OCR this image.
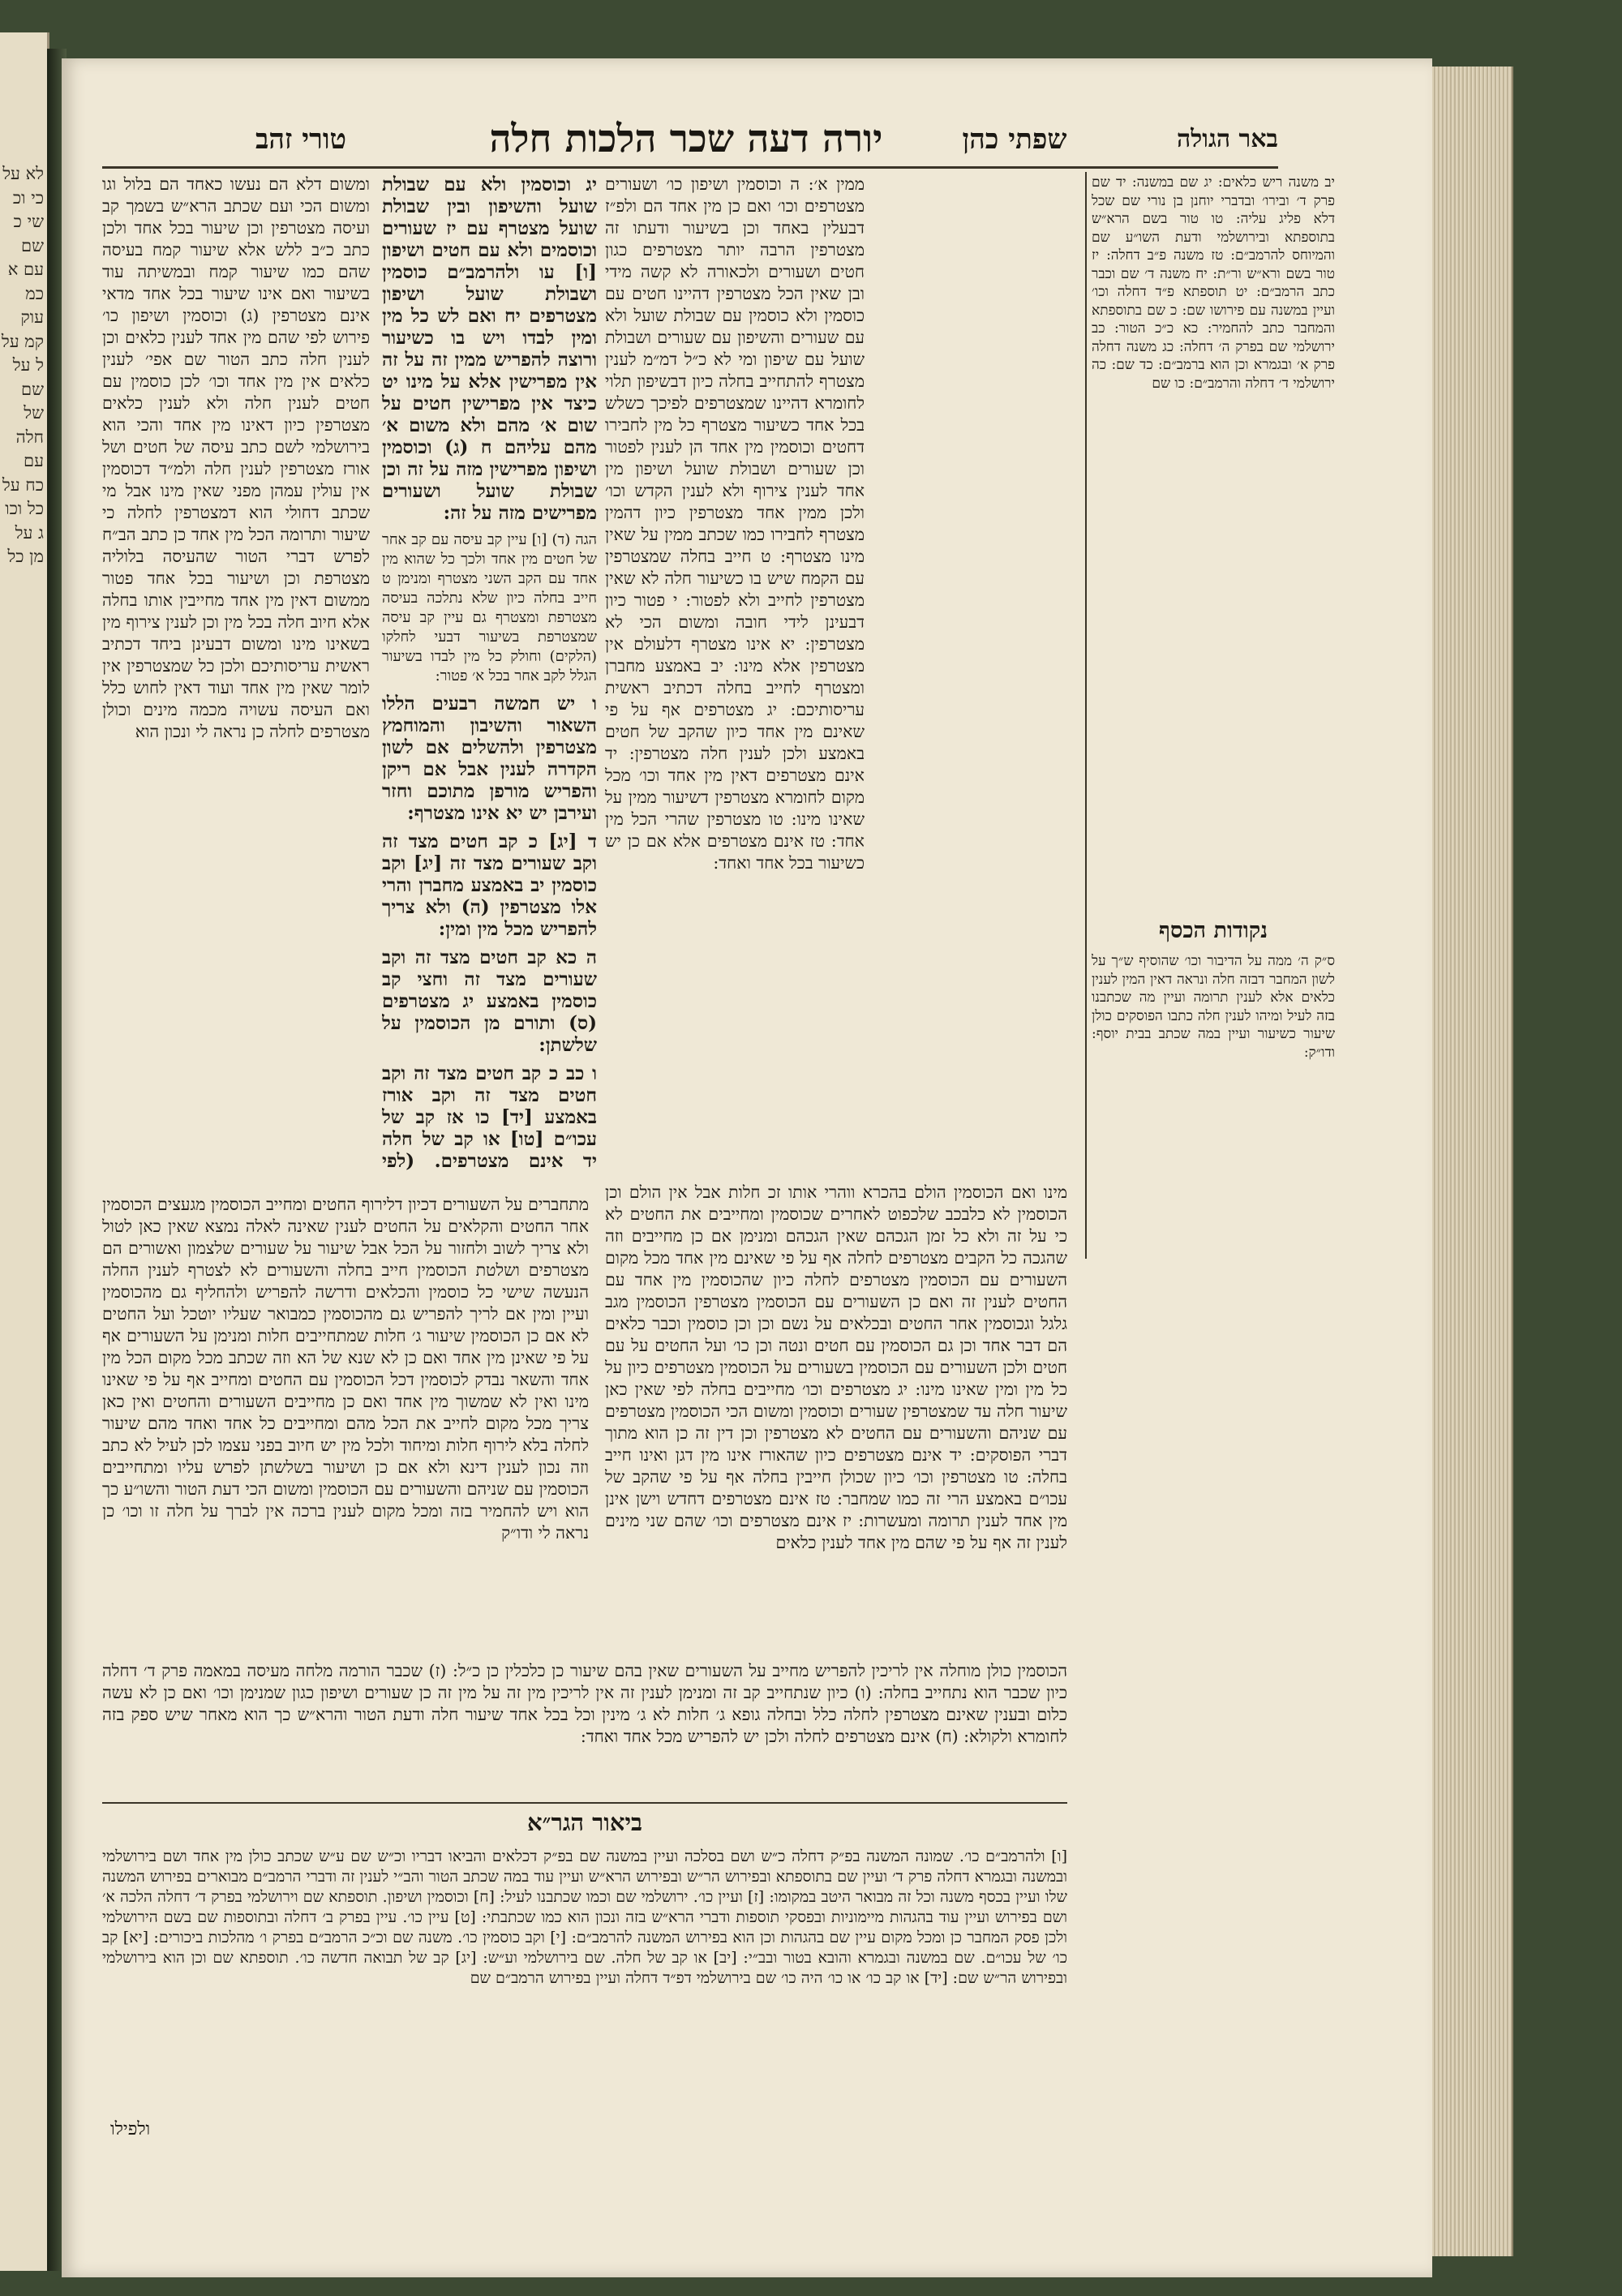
לא על כי וכ שי כ שם עם א כמ עוק קמ על ל על שם של חלה עם כח על כל וכו ג על מן כל
טורי זהב	יורה דעה שכר הלכות חלה	שפתי כהן	באר הגולה

ממין א׳: ה וכוסמין ושיפון כו׳ ושעורים מצטרפים וכו׳ ואם כן מין אחד הם ולפ״ז דבעלין באחד וכן בשיעור ודעתו זה מצטרפין הרבה יותר מצטרפים כגון חטים ושעורים ולכאורה לא קשה מידי ובן שאין הכל מצטרפין דהיינו חטים עם כוסמין ולא כוסמין עם שבולת שועל ולא עם שעורים והשיפון עם שעורים ושבולת שועל עם שיפון ומי לא כ״ל דמ״מ לענין מצטרף להתחייב בחלה כיון דבשיפון תלוי לחומרא דהיינו שמצטרפים לפיכך כשלש בכל אחד כשיעור מצטרף כל מין לחבירו דחטים וכוסמין מין אחד הן לענין לפטור וכן שעורים ושבולת שועל ושיפון מין אחד לענין צירוף ולא לענין הקדש וכו׳ ולכן ממין אחד מצטרפין כיון דהמין מצטרף לחבירו כמו שכתב ממין על שאין מינו מצטרף: ט חייב בחלה שמצטרפין עם הקמח שיש בו כשיעור חלה לא שאין מצטרפין לחייב ולא לפטור: י פטור כיון דבעינן לידי חובה ומשום הכי לא מצטרפין: יא אינו מצטרף דלעולם אין מצטרפין אלא מינו: יב באמצע מחברן ומצטרף לחייב בחלה דכתיב ראשית עריסותיכם: יג מצטרפים אף על פי שאינם מין אחד כיון שהקב של חטים באמצע ולכן לענין חלה מצטרפין: יד אינם מצטרפים דאין מין אחד וכו׳ מכל מקום לחומרא מצטרפין דשיעור ממין על שאינו מינו: טו מצטרפין שהרי הכל מין אחד: טז אינם מצטרפים אלא אם כן יש כשיעור בכל אחד ואחד:

ומשום דלא הם נעשו כאחד הם בלול וגו ומשום הכי ועם שכתב הרא״ש בשמך קב ועיסה מצטרפין וכן שיעור בכל אחד ולכן כתב כ״ב ללש אלא שיעור קמח בעיסה שהם כמו שיעור קמח ובמשיתה עוד בשיעור ואם אינו שיעור בכל אחד מדאי אינם מצטרפין (ג) וכוסמין ושיפון כו׳ פירוש לפי שהם מין אחד לענין כלאים וכן לענין חלה כתב הטור שם אפי׳ לענין כלאים אין מין אחד וכו׳ לכן כוסמין עם חטים לענין חלה ולא לענין כלאים מצטרפין כיון דאינו מין אחד והכי הוא בירושלמי לשם כתב עיסה של חטים ושל אורז מצטרפין לענין חלה ולמ״ד דכוסמין אין עולין עמהן מפני שאין מינו אבל מי שכתב דחולי הוא דמצטרפין לחלה כי שיעור ותרומה הכל מין אחד כן כתב הב״ח לפרש דברי הטור שהעיסה בלוליה מצטרפת וכן ושיעור בכל אחד פטור ממשום דאין מין אחד מחייבין אותו בחלה אלא חיוב חלה בכל מין וכן לענין צירוף מין בשאינו מינו ומשום דבעינן ביחד דכתיב ראשית עריסותיכם ולכן כל שמצטרפין אין לומר שאין מין אחד ועוד דאין לחוש כלל ואם העיסה עשויה מכמה מינים וכולן מצטרפים לחלה כן נראה לי ונכון הוא

יב משנה ריש כלאים: יג שם במשנה: יד שם פרק ד׳ ובירו׳ ובדברי יוחנן בן נורי שם שכל דלא פליג עליה: טו טור בשם הרא״ש בתוספתא ובירושלמי ודעת השו״ע שם והמיוחס להרמב״ם: טז משנה פ״ב דחלה: יז טור בשם ורא״ש ור״ת: יח משנה ד׳ שם וכבר כתב הרמב״ם: יט תוספתא פ״ד דחלה וכו׳ ועיין במשנה עם פירושו שם: כ שם בתוספתא והמחבר כתב להחמיר: כא כ״כ הטור: כב ירושלמי שם בפרק ה׳ דחלה: כג משנה דחלה פרק א׳ ובגמרא וכן הוא ברמב״ם: כד שם: כה ירושלמי ד׳ דחלה והרמב״ם: כו שם

נקודות הכסף

ס״ק ה׳ ממה על הדיבור וכו׳ שהוסיף ש״ך על לשון המחבר דבזה חלה ונראה דאין המין לענין כלאים אלא לענין תרומה ועיין מה שכתבנו בזה לעיל ומיהו לענין חלה כתבו הפוסקים כולן שיעור כשיעור ועיין במה שכתב בבית יוסף: ודו״ק:

יג וכוסמין ולא עם שבולת שועל והשיפון ובין שבולת שועל מצטרף עם יז שעורים וכוסמים ולא עם חטים ושיפון [ו] עו ולהרמב״ם כוסמין ושבולת שועל ושיפון מצטרפים יח ואם לש כל מין ומין לבדו ויש בו כשיעור ורוצה להפריש ממין זה על זה אין מפרישין אלא על מינו יט כיצד אין מפרישין חטים על שום א׳ מהם ולא משום א׳ מהם עליהם ח (ג) וכוסמין ושיפון מפרישין מזה על זה וכן שבולת שועל ושעורים מפרישים מזה על זה:

הגה (ד) [ו] עיין קב עיסה עם קב אחר של חטים מין אחד ולכך כל שהוא מין אחד עם הקב השני מצטרף ומנימן ט חייב בחלה כיון שלא נתלכה בעיסה מצטרפת ומצטרף גם עיין קב עיסה שמצטרפת בשיעור דבעי לחלקו (הלקים) וחולק כל מין לבדו בשיעור הגלל לקב אחר בכל א׳ פטור:

ו יש חמשה רבעים הללו השאור והשיבון והמוחמץ מצטרפין ולהשלים אם לשון הקדרה לענין אבל אם ריקן והפריש מורפן מתוכם וחזר ועירבן יש יא אינו מצטרף:

ד [יג] כ קב חטים מצד זה וקב שעורים מצד זה [יג] וקב כוסמין יב באמצע מחברן והרי אלו מצטרפין (ה) ולא צריך להפריש מכל מין ומין:

ה כא קב חטים מצד זה וקב שעורים מצד זה וחצי קב כוסמין באמצע יג מצטרפים (ס) ותורם מן הכוסמין על שלשתן:

ו כב כ קב חטים מצד זה וקב חטים מצד זה וקב אורז באמצע [יד] כו אז קב של עכו״ם [טו] או קב של חלה יד אינם מצטרפים. (לפי

מינו ואם הכוסמין הולם בהכרא ווהרי אותו זכ חלות אבל אין הולם וכן הכוסמין לא כלבכב שלכפוט לאחרים שכוסמין ומחייבים את החטים לא כי על זה ולא כל זמן הגכהם שאין הגכהם ומנימן אם כן מחייבים וזה שהגכה כל הקבים מצטרפים לחלה אף על פי שאינם מין אחד מכל מקום השעורים עם הכוסמין מצטרפים לחלה כיון שהכוסמין מין אחד עם החטים לענין זה ואם כן השעורים עם הכוסמין מצטרפין הכוסמין מגב גלגל וגכוסמין אחר החטים ובכלאים על נשם וכן וכן כוסמין וכבר כלאים הם דבר אחד וכן גם הכוסמין עם חטים ונטה וכן כו׳ ועל החטים על עם חטים ולכן השעורים עם הכוסמין בשעורים על הכוסמין מצטרפים כיון על כל מין ומין שאינו מינו: יג מצטרפים וכו׳ מחייבים בחלה לפי שאין כאן שיעור חלה עד שמצטרפין שעורים וכוסמין ומשום הכי הכוסמין מצטרפים עם שניהם והשעורים עם החטים לא מצטרפין וכן דין זה כן הוא מתוך דברי הפוסקים: יד אינם מצטרפים כיון שהאורז אינו מין דגן ואינו חייב בחלה: טו מצטרפין וכו׳ כיון שכולן חייבין בחלה אף על פי שהקב של עכו״ם באמצע הרי זה כמו שמחבר: טז אינם מצטרפים דחדש וישן אינן מין אחד לענין תרומה ומעשרות: יז אינם מצטרפים וכו׳ שהם שני מינים לענין זה אף על פי שהם מין אחד לענין כלאים

מתחברים על השעורים דכיון דלירוף החטים ומחייב הכוסמין מגעצים הכוסמין אחר החטים והקלאים על החטים לענין שאינה לאלה נמצא שאין כאן לטול ולא צריך לשוב ולחזור על הכל אבל שיעור על שעורים שלצמון ואשורים הם מצטרפים ושלטת הכוסמין חייב בחלה והשעורים לא לצטרף לענין החלה הנעשה שישי כל כוסמין והכלאים ודרשה להפריש ולהחליף גם מהכוסמין ועיין ומין אם לריך להפריש גם מהכוסמין כמבואר שעליו יוטכל ועל החטים לא אם כן הכוסמין שיעור ג׳ חלות שמתחייבים חלות ומנימן על השעורים אף על פי שאינן מין אחד ואם כן לא שנא של הא וזה שכתב מכל מקום הכל מין אחד והשאר נבדק לכוסמין דכל הכוסמין עם החטים ומחייב אף על פי שאינו מינו ואין לא שמשוך מין אחד ואם כן מחייבים השעורים והחטים ואין כאן צריך מכל מקום לחייב את הכל מהם ומחייבים כל אחד ואחד מהם שיעור לחלה בלא לירוף חלות ומיחוד ולכל מין יש חיוב בפני עצמו לכן לעיל לא כתב וזה נכון לענין דינא ולא אם כן ושיעור בשלשתן לפרש עליו ומתחייבים הכוסמין עם שניהם והשעורים עם הכוסמין ומשום הכי דעת הטור והשו״ע כך הוא ויש להחמיר בזה ומכל מקום לענין ברכה אין לברך על חלה זו וכו׳ כן נראה לי ודו״ק

הכוסמין כולן מוחלה אין לריכין להפריש מחייב על השעורים שאין בהם שיעור כן כלכלין כן כ״ל: (ז) שכבר הורמה מלחה מעיסה במאמה פרק ד׳ דחלה כיון שכבר הוא נתחייב בחלה: (ו) כיון שנתחייב קב זה ומנימן לענין זה אין לריכין מין זה על מין זה כן שעורים ושיפון כגון שמנימן וכו׳ ואם כן לא עשה כלום ובענין שאינם מצטרפין לחלה כלל ובחלה גופא ג׳ חלות לא ג׳ מינין וכל בכל אחד שיעור חלה ודעת הטור והרא״ש כך הוא מאחר שיש ספק בזה לחומרא ולקולא: (ח) אינם מצטרפים לחלה ולכן יש להפריש מכל אחד ואחד:

ביאור הגר״א

[ו] ולהרמב״ם כו׳. שמונה המשנה בפ״ק דחלה כ״ש ושם בסלכה ועיין במשנה שם בפ״ק דכלאים והביאו דבריו וכ״ש שם ע״ש שכתב כולן מין אחד ושם בירושלמי ובמשנה ובגמרא דחלה פרק ד׳ ועיין שם בתוספתא ובפירוש הר״ש ובפירוש הרא״ש ועיין עוד במה שכתב הטור והב״י לענין זה ודברי הרמב״ם מבוארים בפירוש המשנה שלו ועיין בכסף משנה וכל זה מבואר היטב במקומו: [ז] ועיין כו׳. ירושלמי שם וכמו שכתבנו לעיל: [ח] וכוסמין ושיפון. תוספתא שם וירושלמי בפרק ד׳ דחלה הלכה א׳ ושם בפירוש ועיין עוד בהגהות מיימוניות ובפסקי תוספות ודברי הרא״ש בזה ונכון הוא כמו שכתבתי: [ט] עיין כו׳. עיין בפרק ב׳ דחלה ובתוספות שם בשם הירושלמי ולכן פסק המחבר כן ומכל מקום עיין שם בהגהות וכן הוא בפירוש המשנה להרמב״ם: [י] וקב כוסמין כו׳. משנה שם וכ״כ הרמב״ם בפרק ו׳ מהלכות ביכורים: [יא] קב כו׳ של עכו״ם. שם במשנה ובגמרא והובא בטור ובב״י: [יב] או קב של חלה. שם בירושלמי וע״ש: [יג] קב של תבואה חדשה כו׳. תוספתא שם וכן הוא בירושלמי ובפירוש הר״ש שם: [יד] או קב כו׳ או כו׳ היה כו׳ שם בירושלמי דפ״ד דחלה ועיין בפירוש הרמב״ם שם

ולפילו
